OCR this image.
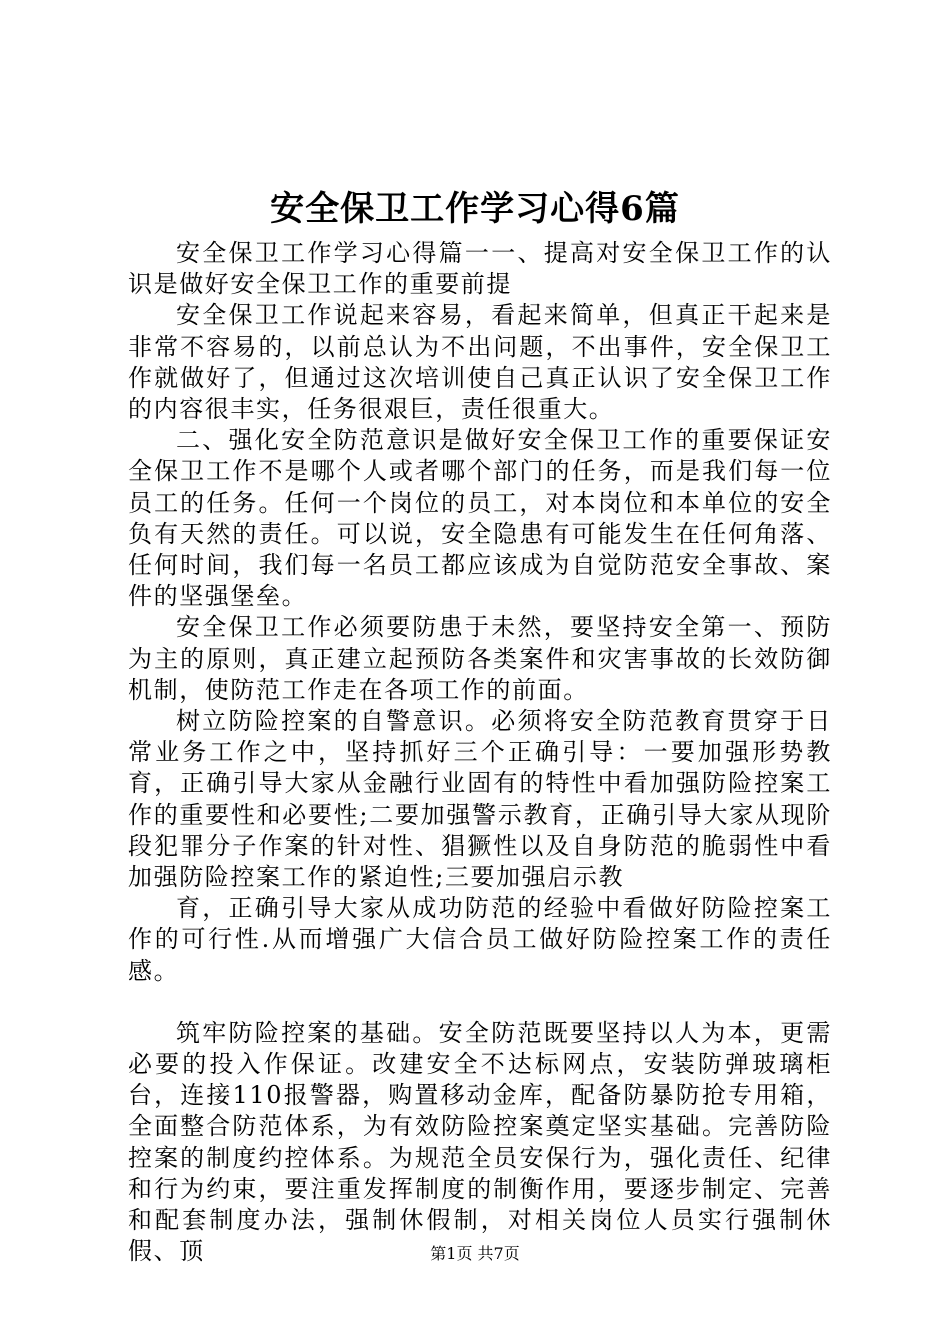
安全保卫工作学习心得6篇

安全保卫工作学习心得篇一一、提高对安全保卫工作的认识是做好安全保卫工作的重要前提

安全保卫工作说起来容易，看起来简单，但真正干起来是非常不容易的，以前总认为不出问题，不出事件，安全保卫工作就做好了，但通过这次培训使自己真正认识了安全保卫工作的内容很丰实，任务很艰巨，责任很重大。

二、强化安全防范意识是做好安全保卫工作的重要保证安全保卫工作不是哪个人或者哪个部门的任务，而是我们每一位员工的任务。任何一个岗位的员工，对本岗位和本单位的安全负有天然的责任。可以说，安全隐患有可能发生在任何角落、任何时间，我们每一名员工都应该成为自觉防范安全事故、案件的坚强堡垒。

安全保卫工作必须要防患于未然，要坚持安全第一、预防为主的原则，真正建立起预防各类案件和灾害事故的长效防御机制，使防范工作走在各项工作的前面。

树立防险控案的自警意识。必须将安全防范教育贯穿于日常业务工作之中，坚持抓好三个正确引导：一要加强形势教育，正确引导大家从金融行业固有的特性中看加强防险控案工作的重要性和必要性;二要加强警示教育，正确引导大家从现阶段犯罪分子作案的针对性、猖獗性以及自身防范的脆弱性中看加强防险控案工作的紧迫性;三要加强启示教

育，正确引导大家从成功防范的经验中看做好防险控案工作的可行性.从而增强广大信合员工做好防险控案工作的责任感。

筑牢防险控案的基础。安全防范既要坚持以人为本，更需必要的投入作保证。改建安全不达标网点，安装防弹玻璃柜台，连接110报警器，购置移动金库，配备防暴防抢专用箱，全面整合防范体系，为有效防险控案奠定坚实基础。完善防险控案的制度约控体系。为规范全员安保行为，强化责任、纪律和行为约束，要注重发挥制度的制衡作用，要逐步制定、完善和配套制度办法，强制休假制，对相关岗位人员实行强制休假、顶	第1页 共7页
